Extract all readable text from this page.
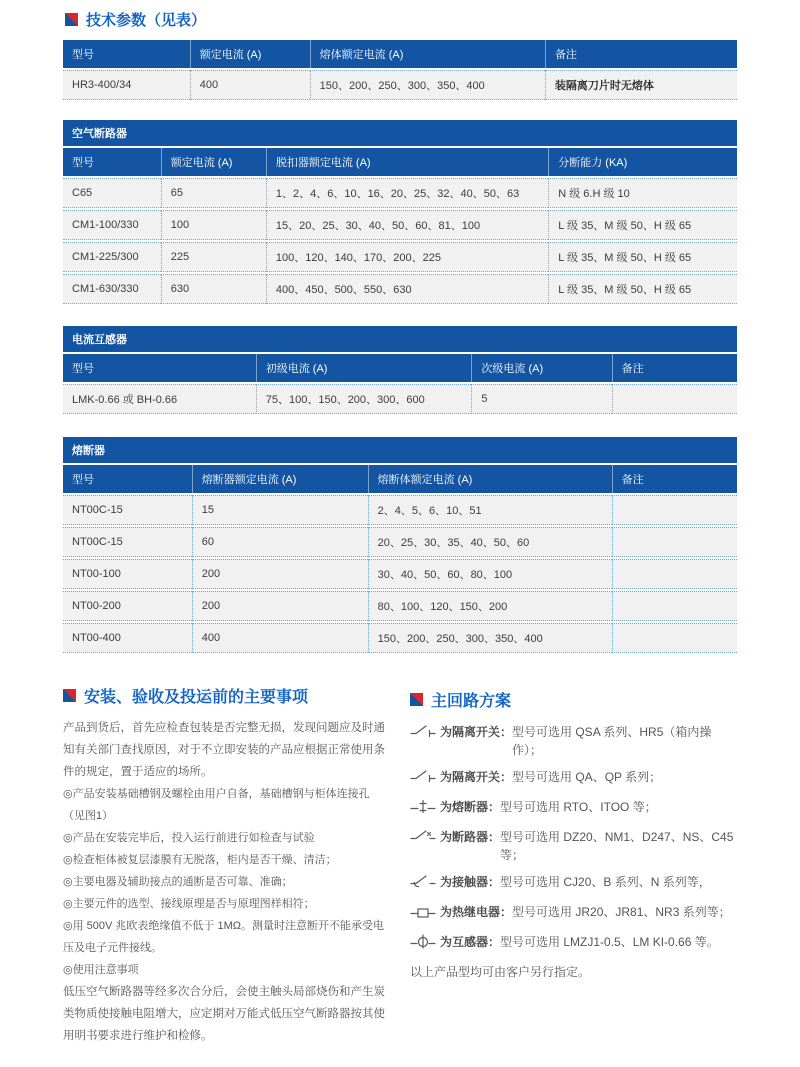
技术参数（见表）
型号	额定电流 (A)	熔体额定电流 (A)	备注
HR3-400/34	400	150、200、250、300、350、400	装隔离刀片时无熔体
空气断路器			
型号	额定电流 (A)	脱扣器额定电流 (A)	分断能力 (KA)
C65	65	1、2、4、6、10、16、20、25、32、40、50、63	N 级 6.H 级 10
CM1-100/330	100	15、20、25、30、40、50、60、81、100	L 级 35、M 级 50、H 级 65
CM1-225/300	225	100、120、140、170、200、225	L 级 35、M 级 50、H 级 65
CM1-630/330	630	400、450、500、550、630	L 级 35、M 级 50、H 级 65
电流互感器			
型号	初级电流 (A)	次级电流 (A)	备注
LMK-0.66 或 BH-0.66	75、100、150、200、300、600	5	
熔断器			
型号	熔断器额定电流 (A)	熔断体额定电流 (A)	备注
NT00C-15	15	2、4、5、6、10、51	
NT00C-15	60	20、25、30、35、40、50、60	
NT00-100	200	30、40、50、60、80、100	
NT00-200	200	80、100、120、150、200	
NT00-400	400	150、200、250、300、350、400	
安装、验收及投运前的主要事项

产品到货后，首先应检查包装是否完整无损，发现问题应及时通知有关部门查找原因，对于不立即安装的产品应根据正常使用条件的规定，置于适应的场所。

◎产品安装基础槽钢及螺栓由用户自备，基础槽钢与柜体连接孔（见图1）
◎产品在安装完毕后，投入运行前进行如检查与试验
◎检查柜体被复层漆膜有无脱落，柜内是否干燥、清洁；
◎主要电器及辅助接点的通断是否可靠、准确；
◎主要元件的选型、接线原理是否与原理图样相符；
◎用 500V 兆欧表绝缘值不低于 1MΩ。测量时注意断开不能承受电压及电子元件接线。
◎使用注意事项

低压空气断路器等经多次合分后，会使主触头局部烧伤和产生炭类物质使接触电阻增大，应定期对万能式低压空气断路器按其使用明书要求进行维护和检修。

主回路方案
为隔离开关： 型号可选用 QSA 系列、HR5（箱内操作）；
为隔离开关： 型号可选用 QA、QP 系列；
为熔断器： 型号可选用 RTO、ITOO 等；
为断路器： 型号可选用 DZ20、NM1、D247、NS、C45 等；
为接触器： 型号可选用 CJ20、B 系列、N 系列等，
为热继电器： 型号可选用 JR20、JR81、NR3 系列等；
为互感器： 型号可选用 LMZJ1-0.5、LM KI-0.66 等。

以上产品型均可由客户另行指定。
